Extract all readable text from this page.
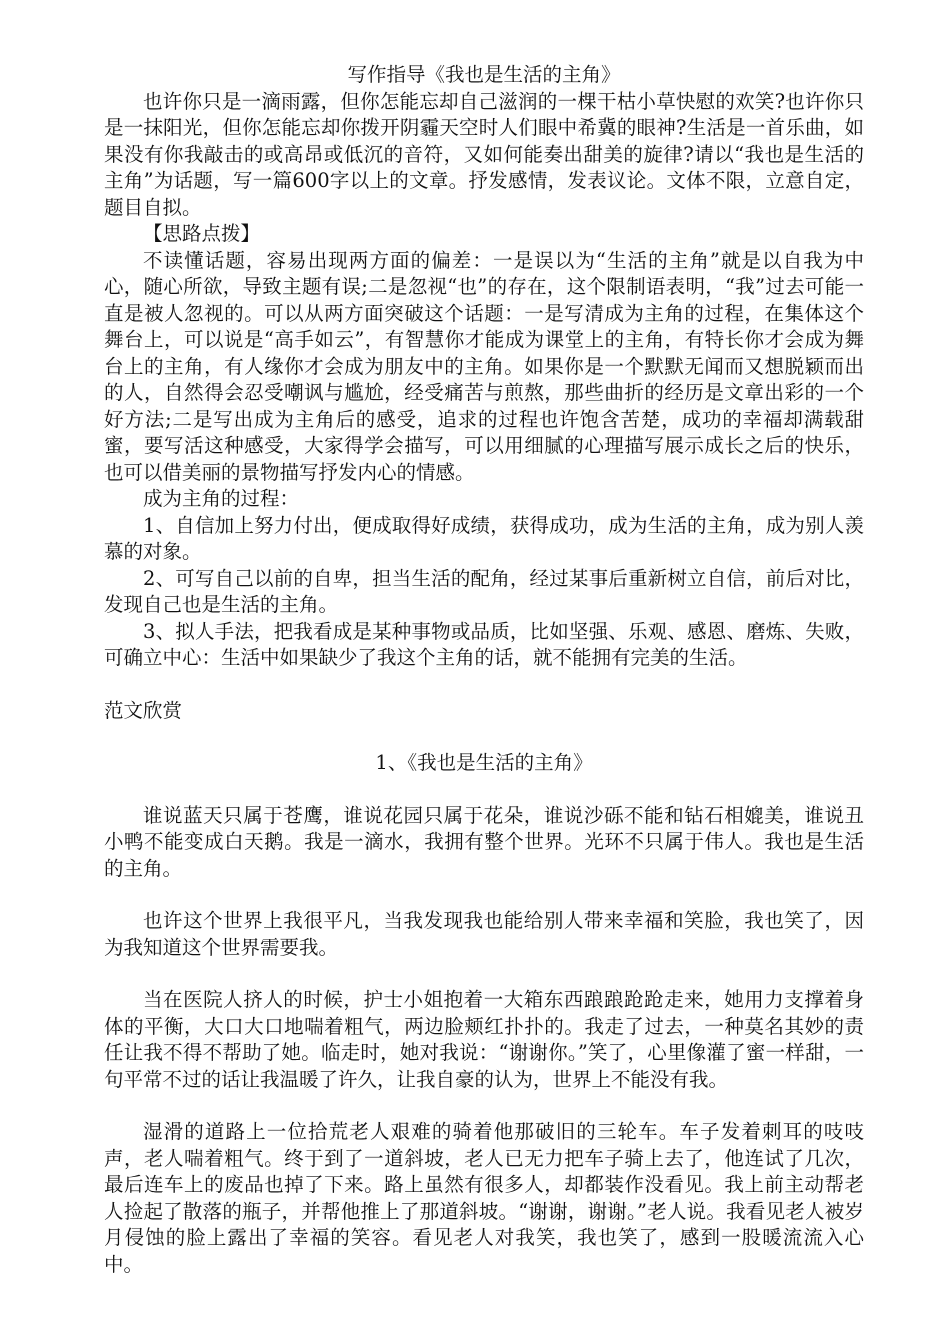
写作指导《我也是生活的主角》

也许你只是一滴雨露，但你怎能忘却自己滋润的一棵干枯小草快慰的欢笑?也许你只是一抹阳光，但你怎能忘却你拨开阴霾天空时人们眼中希冀的眼神?生活是一首乐曲，如果没有你我敲击的或高昂或低沉的音符，又如何能奏出甜美的旋律?请以“我也是生活的主角”为话题，写一篇600字以上的文章。抒发感情，发表议论。文体不限，立意自定，题目自拟。

【思路点拨】

不读懂话题，容易出现两方面的偏差：一是误以为“生活的主角”就是以自我为中心，随心所欲，导致主题有误;二是忽视“也”的存在，这个限制语表明，“我”过去可能一直是被人忽视的。可以从两方面突破这个话题：一是写清成为主角的过程，在集体这个舞台上，可以说是“高手如云”，有智慧你才能成为课堂上的主角，有特长你才会成为舞台上的主角，有人缘你才会成为朋友中的主角。如果你是一个默默无闻而又想脱颖而出的人，自然得会忍受嘲讽与尴尬，经受痛苦与煎熬，那些曲折的经历是文章出彩的一个好方法;二是写出成为主角后的感受，追求的过程也许饱含苦楚，成功的幸福却满载甜蜜，要写活这种感受，大家得学会描写，可以用细腻的心理描写展示成长之后的快乐，也可以借美丽的景物描写抒发内心的情感。

成为主角的过程：

1、自信加上努力付出，便成取得好成绩，获得成功，成为生活的主角，成为别人羡慕的对象。

2、可写自己以前的自卑，担当生活的配角，经过某事后重新树立自信，前后对比，发现自己也是生活的主角。

3、拟人手法，把我看成是某种事物或品质，比如坚强、乐观、感恩、磨炼、失败，可确立中心：生活中如果缺少了我这个主角的话，就不能拥有完美的生活。

范文欣赏

1、《我也是生活的主角》

谁说蓝天只属于苍鹰，谁说花园只属于花朵，谁说沙砾不能和钻石相媲美，谁说丑小鸭不能变成白天鹅。我是一滴水，我拥有整个世界。光环不只属于伟人。我也是生活的主角。

也许这个世界上我很平凡，当我发现我也能给别人带来幸福和笑脸，我也笑了，因为我知道这个世界需要我。

当在医院人挤人的时候，护士小姐抱着一大箱东西踉踉跄跄走来，她用力支撑着身体的平衡，大口大口地喘着粗气，两边脸颊红扑扑的。我走了过去，一种莫名其妙的责任让我不得不帮助了她。临走时，她对我说：“谢谢你。”笑了，心里像灌了蜜一样甜，一句平常不过的话让我温暖了许久，让我自豪的认为，世界上不能没有我。

湿滑的道路上一位拾荒老人艰难的骑着他那破旧的三轮车。车子发着刺耳的吱吱声，老人喘着粗气。终于到了一道斜坡，老人已无力把车子骑上去了，他连试了几次，最后连车上的废品也掉了下来。路上虽然有很多人，却都装作没看见。我上前主动帮老人捡起了散落的瓶子，并帮他推上了那道斜坡。“谢谢，谢谢。”老人说。我看见老人被岁月侵蚀的脸上露出了幸福的笑容。看见老人对我笑，我也笑了，感到一股暖流流入心中。
